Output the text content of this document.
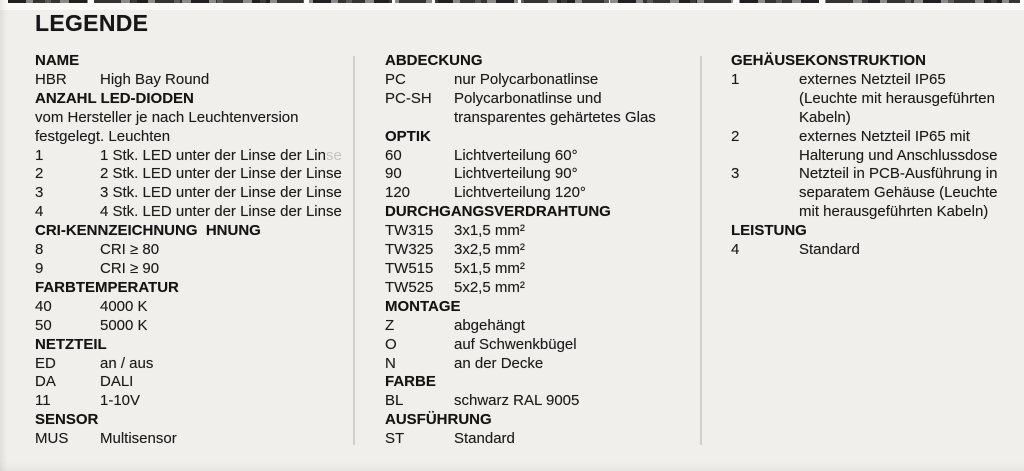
LEGENDE
NAME
HBR	High Bay Round
ANZAHL LED-DIODEN
vom Hersteller je nach Leuchtenversion
festgelegt. Leuchten
1	1 Stk. LED unter der Linse der Linse
2	2 Stk. LED unter der Linse der Linse
3	3 Stk. LED unter der Linse der Linse
4	4 Stk. LED unter der Linse der Linse
CRI-KENNZEICHNUNG  HNUNG
8	CRI ≥ 80
9	CRI ≥ 90
FARBTEMPERATUR
40	4000 K
50	5000 K
NETZTEIL
ED	an / aus
DA	DALI
11	1-10V
SENSOR
MUS	Multisensor
ABDECKUNG
PC	nur Polycarbonatlinse
PC-SH	Polycarbonatlinse und
transparentes gehärtetes Glas
OPTIK
60	Lichtverteilung 60°
90	Lichtverteilung 90°
120	Lichtverteilung 120°
DURCHGANGSVERDRAHTUNG
TW315	3x1,5 mm²
TW325	3x2,5 mm²
TW515	5x1,5 mm²
TW525	5x2,5 mm²
MONTAGE
Z	abgehängt
O	auf Schwenkbügel
N	an der Decke
FARBE
BL	schwarz RAL 9005
AUSFÜHRUNG
ST	Standard
GEHÄUSEKONSTRUKTION
1	externes Netzteil IP65
(Leuchte mit herausgeführten
Kabeln)
2	externes Netzteil IP65 mit
Halterung und Anschlussdose
3	Netzteil in PCB-Ausführung in
separatem Gehäuse (Leuchte
mit herausgeführten Kabeln)
LEISTUNG
4	Standard
